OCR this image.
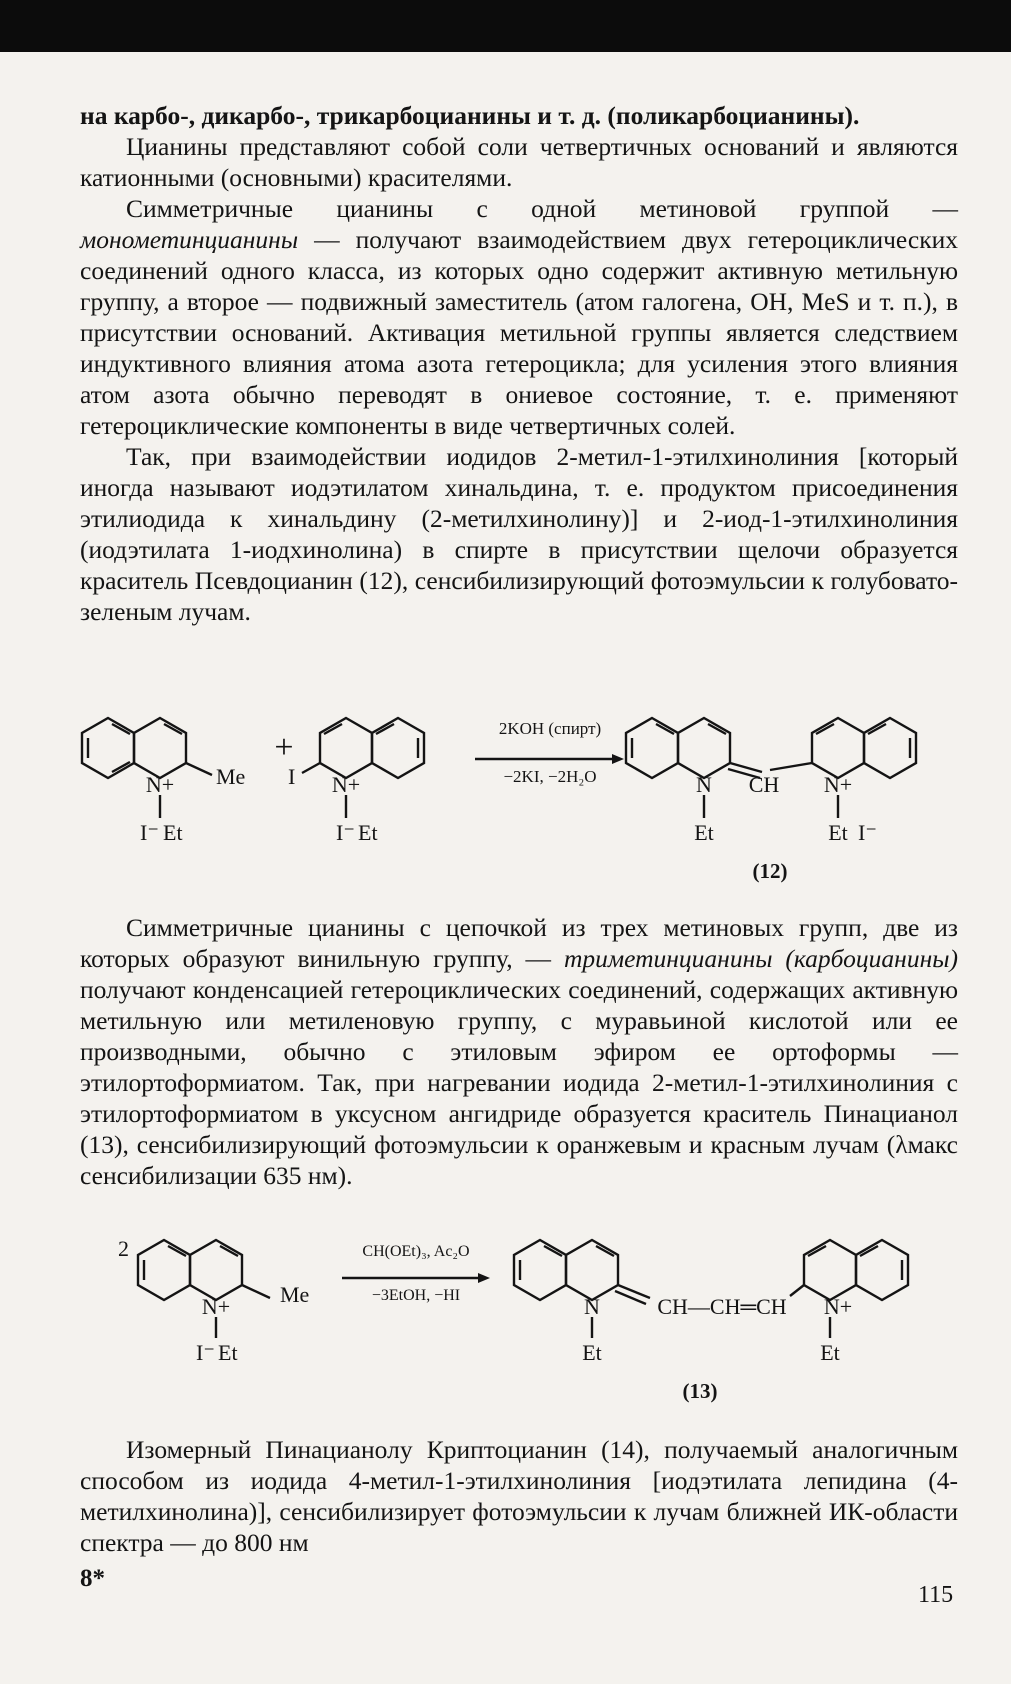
на карбо-, дикарбо-, трикарбоцианины и т. д. (поликарбоцианины).

Цианины представляют собой соли четвертичных оснований и являются катионными (основными) красителями.

Симметричные цианины с одной метиновой группой — монометинцианины — получают взаимодействием двух гетероциклических соединений одного класса, из которых одно содержит активную метильную группу, а второе — подвижный заместитель (атом галогена, OH, MeS и т. п.), в присутствии оснований. Активация метильной группы является следствием индуктивного влияния атома азота гетероцикла; для усиления этого влияния атом азота обычно переводят в ониевое состояние, т. е. применяют гетероциклические компоненты в виде четвертичных солей.

Так, при взаимодействии иодидов 2-метил-1-этилхинолиния [который иногда называют иодэтилатом хинальдина, т. е. продуктом присоединения этилиодида к хинальдину (2-метилхинолину)] и 2-иод-1-этилхинолиния (иодэтилата 1-иодхинолина) в спирте в присутствии щелочи образуется краситель Псевдоцианин (12), сенсибилизирующий фотоэмульсии к голубовато-зеленым лучам.

N+ Me
I⁻ Et
+
I N+
I⁻ Et
2KOH (спирт)
−2KI, −2H₂O	N CH N+
Et	Et I⁻
(12)

Симметричные цианины с цепочкой из трех метиновых групп, две из которых образуют винильную группу, — триметинцианины (карбоцианины) получают конденсацией гетероциклических соединений, содержащих активную метильную или метиленовую группу, с муравьиной кислотой или ее производными, обычно с этиловым эфиром ее ортоформы — этилортоформиатом. Так, при нагревании иодида 2-метил-1-этилхинолиния с этилортоформиатом в уксусном ангидриде образуется краситель Пинацианол (13), сенсибилизирующий фотоэмульсии к оранжевым и красным лучам (λмакс сенсибилизации 635 нм).

2
N+ Me
I⁻ Et
CH(OEt)₃, Ac₂O
−3EtOH, −HI	N	CH—CH═CH N+
Et	Et
(13)

Изомерный Пинацианолу Криптоцианин (14), получаемый аналогичным способом из иодида 4-метил-1-этилхинолиния [иодэтилата лепидина (4-метилхинолина)], сенсибилизирует фотоэмульсии к лучам ближней ИК-области спектра — до 800 нм

8*
115
